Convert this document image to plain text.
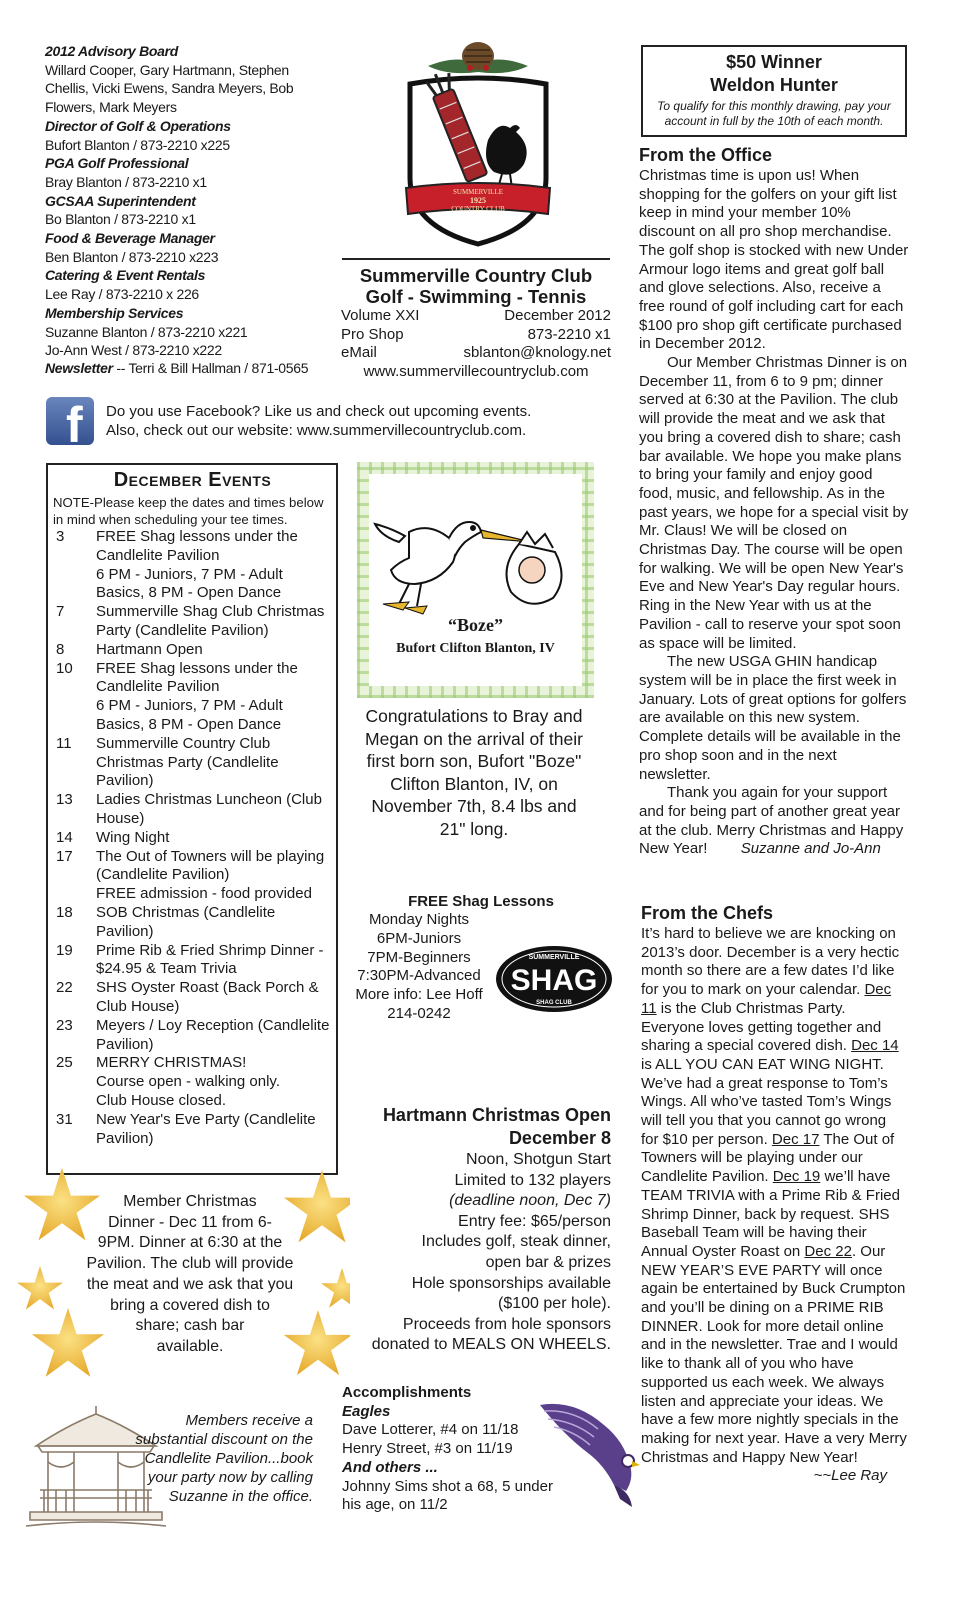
2012 Advisory Board
Willard Cooper, Gary Hartmann, Stephen
Chellis, Vicki Ewens, Sandra Meyers, Bob
Flowers, Mark Meyers
Director of Golf & Operations
Bufort Blanton / 873-2210 x225
PGA Golf Professional
Bray Blanton / 873-2210 x1
GCSAA Superintendent
Bo Blanton / 873-2210 x1
Food & Beverage Manager
Ben Blanton / 873-2210 x223
Catering & Event Rentals
Lee Ray / 873-2210 x 226
Membership Services
Suzanne Blanton / 873-2210 x221
Jo-Ann West / 873-2210 x222
Newsletter -- Terri & Bill Hallman / 871-0565
SUMMERVILLE
1925
COUNTRY CLUB
Summerville Country Club
Golf - Swimming - Tennis
Volume XXI	December 2012
Pro Shop	873-2210 x1
eMail	sblanton@knology.net
www.summervillecountryclub.com
f	Do you use Facebook? Like us and check out upcoming events.
Also, check out our website: www.summervillecountryclub.com.
December Events
NOTE-Please keep the dates and times below in mind when scheduling your tee times.
3	FREE Shag lessons under the Candlelite Pavilion
6 PM - Juniors, 7 PM - Adult Basics, 8 PM - Open Dance
7	Summerville Shag Club Christmas Party (Candlelite Pavilion)
8	Hartmann Open
10	FREE Shag lessons under the Candlelite Pavilion
6 PM - Juniors, 7 PM - Adult Basics, 8 PM - Open Dance
11	Summerville Country Club Christmas Party (Candlelite Pavilion)
13	Ladies Christmas Luncheon (Club House)
14	Wing Night
17	The Out of Towners will be playing (Candlelite Pavilion)
FREE admission - food provided
18	SOB Christmas (Candlelite Pavilion)
19	Prime Rib & Fried Shrimp Dinner - $24.95 & Team Trivia
22	SHS Oyster Roast (Back Porch & Club House)
23	Meyers / Loy Reception (Candlelite Pavilion)
25	MERRY CHRISTMAS!
Course open - walking only.
Club House closed.
31	New Year's Eve Party (Candlelite Pavilion)
Member Christmas
Dinner - Dec 11 from 6-
9PM. Dinner at 6:30 at the
Pavilion. The club will provide
the meat and we ask that you
bring a covered dish to
share; cash bar
available.
Members receive a
substantial discount on the
Candlelite Pavilion...book
your party now by calling
Suzanne in the office.
“Boze”
Bufort Clifton Blanton, IV
Congratulations to Bray and
Megan on the arrival of their
first born son, Bufort "Boze"
Clifton Blanton, IV, on
November 7th, 8.4 lbs and
21" long.
FREE Shag Lessons
Monday Nights
6PM-Juniors
7PM-Beginners
7:30PM-Advanced
More info: Lee Hoff
214-0242
SUMMERVILLE
SHAG
SHAG CLUB
Hartmann Christmas Open
December 8
Noon, Shotgun Start
Limited to 132 players
(deadline noon, Dec 7)
Entry fee: $65/person
Includes golf, steak dinner,
open bar & prizes
Hole sponsorships available
($100 per hole).
Proceeds from hole sponsors
donated to MEALS ON WHEELS.
Accomplishments
Eagles
Dave Lotterer, #4 on 11/18
Henry Street, #3 on 11/19
And others ...
Johnny Sims shot a 68, 5 under
his age, on 11/2
$50 Winner
Weldon Hunter
To qualify for this monthly drawing, pay your account in full by the 10th of each month.
From the Office
Christmas time is upon us! When shopping for the golfers on your gift list keep in mind your member 10% discount on all pro shop merchandise. The golf shop is stocked with new Under Armour logo items and great golf ball and glove selections. Also, receive a free round of golf including cart for each $100 pro shop gift certificate purchased in December 2012.
Our Member Christmas Dinner is on December 11, from 6 to 9 pm; dinner served at 6:30 at the Pavilion. The club will provide the meat and we ask that you bring a covered dish to share; cash bar available. We hope you make plans to bring your family and enjoy good food, music, and fellowship. As in the past years, we hope for a special visit by Mr. Claus! We will be closed on Christmas Day. The course will be open for walking. We will be open New Year's Eve and New Year's Day regular hours.
Ring in the New Year with us at the Pavilion - call to reserve your spot soon as space will be limited.
The new USGA GHIN handicap system will be in place the first week in January. Lots of great options for golfers are available on this new system. Complete details will be available in the pro shop soon and in the next newsletter.
Thank you again for your support and for being part of another great year at the club. Merry Christmas and Happy New Year! Suzanne and Jo-Ann
From the Chefs
It’s hard to believe we are knocking on 2013’s door. December is a very hectic month so there are a few dates I’d like for you to mark on your calendar. Dec 11 is the Club Christmas Party. Everyone loves getting together and sharing a special covered dish. Dec 14 is ALL YOU CAN EAT WING NIGHT. We’ve had a great response to Tom’s Wings. All who’ve tasted Tom’s Wings will tell you that you cannot go wrong for $10 per person. Dec 17 The Out of Towners will be playing under our Candlelite Pavilion. Dec 19 we’ll have TEAM TRIVIA with a Prime Rib & Fried Shrimp Dinner, back by request. SHS Baseball Team will be having their Annual Oyster Roast on Dec 22. Our NEW YEAR’S EVE PARTY will once again be entertained by Buck Crumpton and you’ll be dining on a PRIME RIB DINNER. Look for more detail online and in the newsletter. Trae and I would like to thank all of you who have supported us each week. We always listen and appreciate your ideas. We have a few more nightly specials in the making for next year. Have a very Merry Christmas and Happy New Year!
~~Lee Ray
